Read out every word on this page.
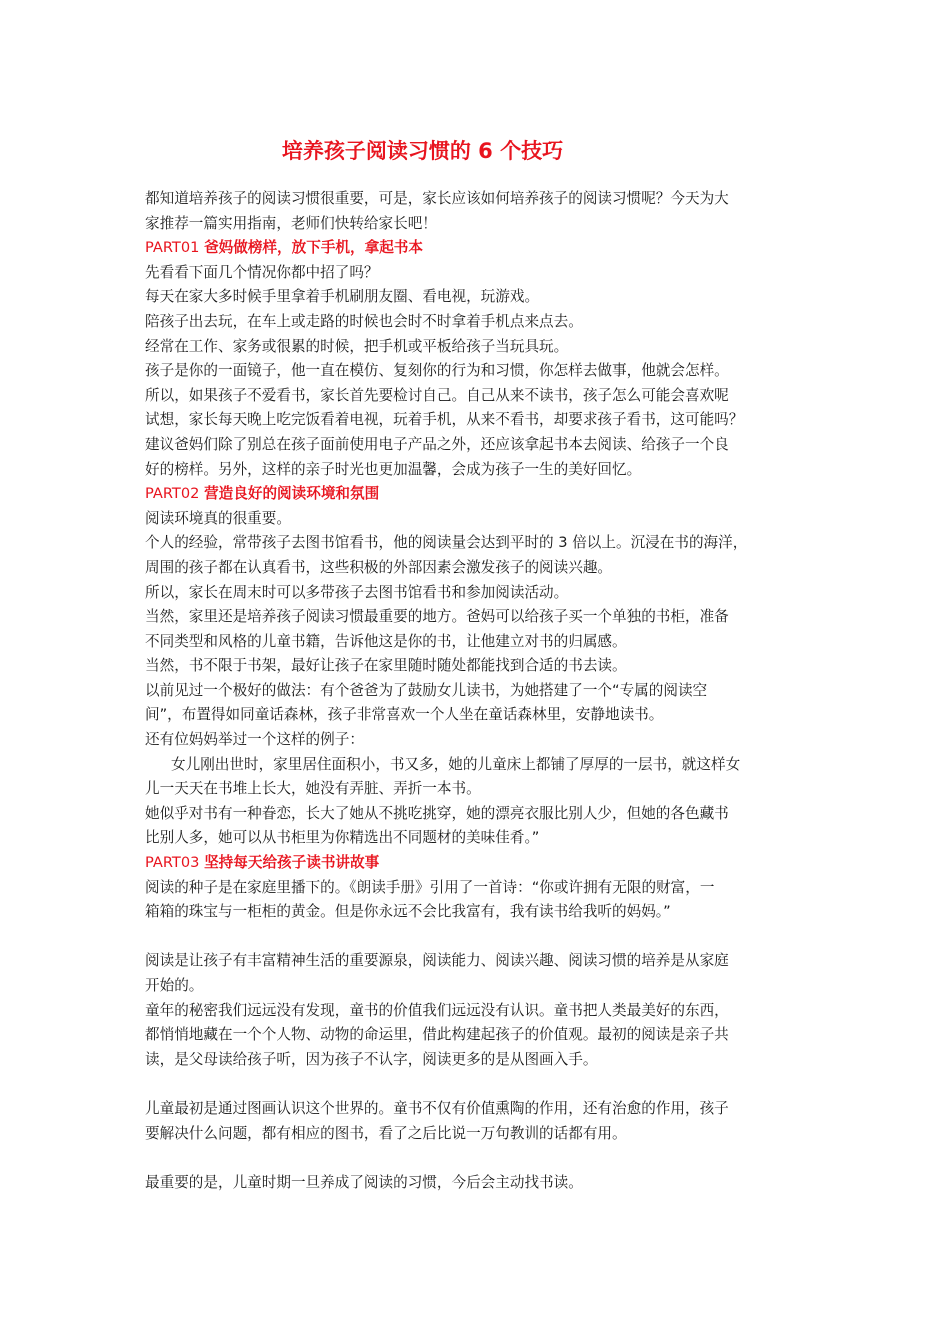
培养孩子阅读习惯的 6 个技巧
都知道培养孩子的阅读习惯很重要，可是，家长应该如何培养孩子的阅读习惯呢？今天为大
家推荐一篇实用指南，老师们快转给家长吧！
PART01 爸妈做榜样，放下手机，拿起书本
先看看下面几个情况你都中招了吗？
每天在家大多时候手里拿着手机刷朋友圈、看电视，玩游戏。
陪孩子出去玩，在车上或走路的时候也会时不时拿着手机点来点去。
经常在工作、家务或很累的时候，把手机或平板给孩子当玩具玩。
孩子是你的一面镜子，他一直在模仿、复刻你的行为和习惯，你怎样去做事，他就会怎样。
所以，如果孩子不爱看书，家长首先要检讨自己。自己从来不读书，孩子怎么可能会喜欢呢
试想，家长每天晚上吃完饭看着电视，玩着手机，从来不看书，却要求孩子看书，这可能吗？
建议爸妈们除了别总在孩子面前使用电子产品之外，还应该拿起书本去阅读、给孩子一个良
好的榜样。另外，这样的亲子时光也更加温馨，会成为孩子一生的美好回忆。
PART02 营造良好的阅读环境和氛围
阅读环境真的很重要。
个人的经验，常带孩子去图书馆看书，他的阅读量会达到平时的 3 倍以上。沉浸在书的海洋，
周围的孩子都在认真看书，这些积极的外部因素会激发孩子的阅读兴趣。
所以，家长在周末时可以多带孩子去图书馆看书和参加阅读活动。
当然，家里还是培养孩子阅读习惯最重要的地方。爸妈可以给孩子买一个单独的书柜，准备
不同类型和风格的儿童书籍，告诉他这是你的书，让他建立对书的归属感。
当然，书不限于书架，最好让孩子在家里随时随处都能找到合适的书去读。
以前见过一个极好的做法：有个爸爸为了鼓励女儿读书，为她搭建了一个“专属的阅读空
间”，布置得如同童话森林，孩子非常喜欢一个人坐在童话森林里，安静地读书。
还有位妈妈举过一个这样的例子：
女儿刚出世时，家里居住面积小，书又多，她的儿童床上都铺了厚厚的一层书，就这样女
儿一天天在书堆上长大，她没有弄脏、弄折一本书。
她似乎对书有一种眷恋，长大了她从不挑吃挑穿，她的漂亮衣服比别人少，但她的各色藏书
比别人多，她可以从书柜里为你精选出不同题材的美味佳肴。”
PART03 坚持每天给孩子读书讲故事
阅读的种子是在家庭里播下的。《朗读手册》引用了一首诗：“你或许拥有无限的财富，一
箱箱的珠宝与一柜柜的黄金。但是你永远不会比我富有，我有读书给我听的妈妈。”
阅读是让孩子有丰富精神生活的重要源泉，阅读能力、阅读兴趣、阅读习惯的培养是从家庭
开始的。
童年的秘密我们远远没有发现，童书的价值我们远远没有认识。童书把人类最美好的东西，
都悄悄地藏在一个个人物、动物的命运里，借此构建起孩子的价值观。最初的阅读是亲子共
读，是父母读给孩子听，因为孩子不认字，阅读更多的是从图画入手。
儿童最初是通过图画认识这个世界的。童书不仅有价值熏陶的作用，还有治愈的作用，孩子
要解决什么问题，都有相应的图书，看了之后比说一万句教训的话都有用。
最重要的是，儿童时期一旦养成了阅读的习惯，今后会主动找书读。
